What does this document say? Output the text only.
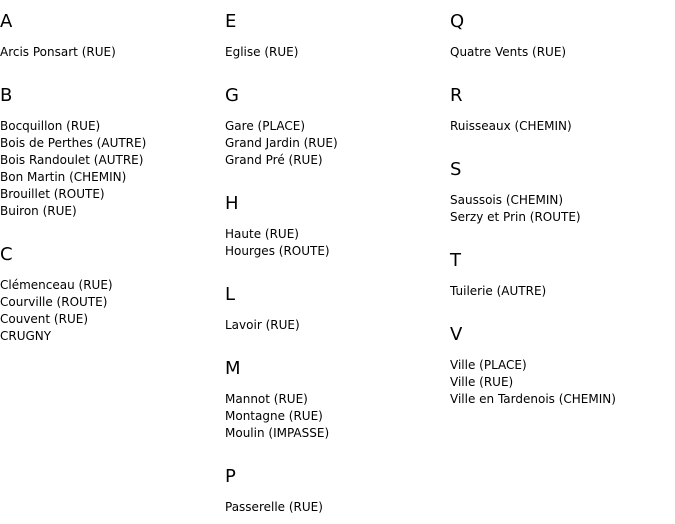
A
Arcis Ponsart (RUE)
B
Bocquillon (RUE)
Bois de Perthes (AUTRE)
Bois Randoulet (AUTRE)
Bon Martin (CHEMIN)
Brouillet (ROUTE)
Buiron (RUE)
C
Clémenceau (RUE)
Courville (ROUTE)
Couvent (RUE)
CRUGNY
E
Eglise (RUE)
G
Gare (PLACE)
Grand Jardin (RUE)
Grand Pré (RUE)
H
Haute (RUE)
Hourges (ROUTE)
L
Lavoir (RUE)
M
Mannot (RUE)
Montagne (RUE)
Moulin (IMPASSE)
P
Passerelle (RUE)
Q
Quatre Vents (RUE)
R
Ruisseaux (CHEMIN)
S
Saussois (CHEMIN)
Serzy et Prin (ROUTE)
T
Tuilerie (AUTRE)
V
Ville (PLACE)
Ville (RUE)
Ville en Tardenois (CHEMIN)
